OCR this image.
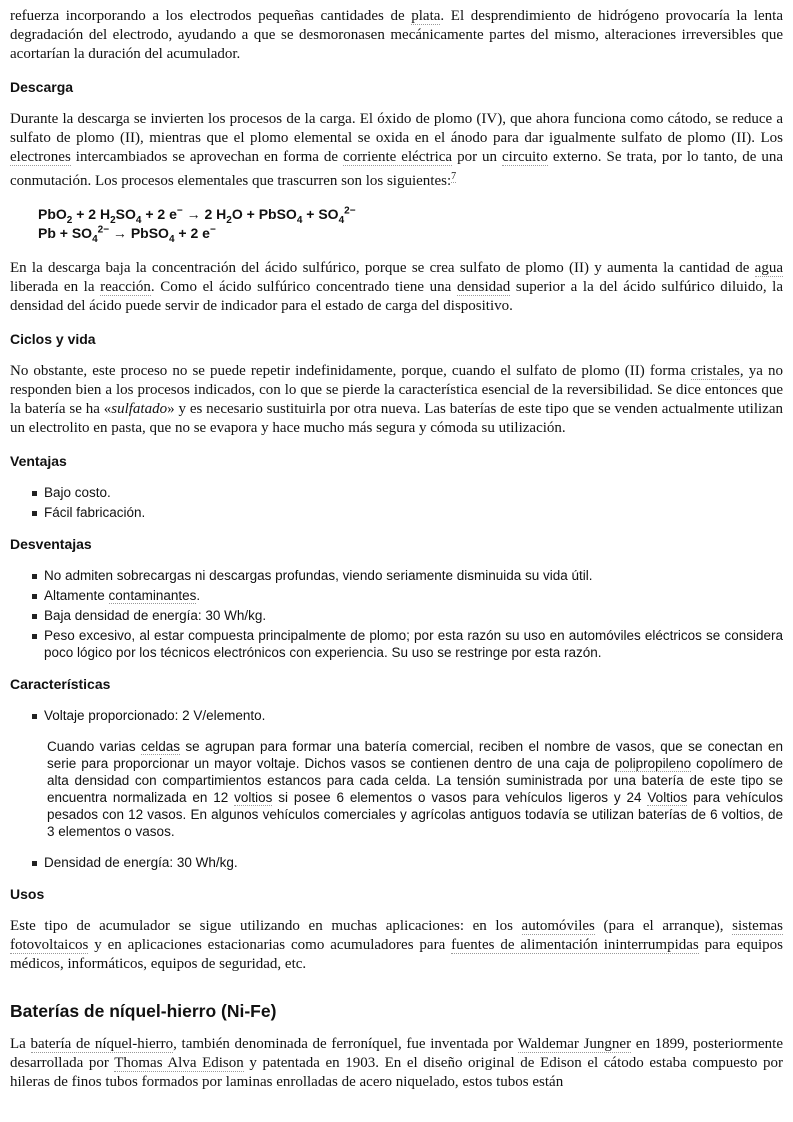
refuerza incorporando a los electrodos pequeñas cantidades de plata. El desprendimiento de hidrógeno provocaría la lenta degradación del electrodo, ayudando a que se desmoronasen mecánicamente partes del mismo, alteraciones irreversibles que acortarían la duración del acumulador.

Descarga

Durante la descarga se invierten los procesos de la carga. El óxido de plomo (IV), que ahora funciona como cátodo, se reduce a sulfato de plomo (II), mientras que el plomo elemental se oxida en el ánodo para dar igualmente sulfato de plomo (II). Los electrones intercambiados se aprovechan en forma de corriente eléctrica por un circuito externo. Se trata, por lo tanto, de una conmutación. Los procesos elementales que trascurren son los siguientes:$^7$

PbO$_2$ + 2 $H_2SO_4 + 2$ e− → 2 $H_2O$ + PbSO$_4$ + $SO_4^{2-}$
$Pb + SO_4^{2-}$ → PbSO$_4$ + 2 e−

En la descarga baja la concentración del ácido sulfúrico, porque se crea sulfato de plomo (II) y aumenta la cantidad de agua liberada en la reacción. Como el ácido sulfúrico concentrado tiene una densidad superior a la del ácido sulfúrico diluido, la densidad del ácido puede servir de indicador para el estado de carga del dispositivo.

Ciclos y vida

No obstante, este proceso no se puede repetir indefinidamente, porque, cuando el sulfato de plomo (II) forma cristales, ya no responden bien a los procesos indicados, con lo que se pierde la característica esencial de la reversibilidad. Se dice entonces que la batería se ha «sulfatado» y es necesario sustituirla por otra nueva. Las baterías de este tipo que se venden actualmente utilizan un electrolito en pasta, que no se evapora y hace mucho más segura y cómoda su utilización.

Ventajas
Bajo costo.
Fácil fabricación.
Desventajas
No admiten sobrecargas ni descargas profundas, viendo seriamente disminuida su vida útil.
Altamente contaminantes.
Baja densidad de energía: 30 Wh/kg.
Peso excesivo, al estar compuesta principalmente de plomo; por esta razón su uso en automóviles eléctricos se considera poco lógico por los técnicos electrónicos con experiencia. Su uso se restringe por esta razón.
Características
Voltaje proporcionado: 2 V/elemento.

Cuando varias celdas se agrupan para formar una batería comercial, reciben el nombre de vasos, que se conectan en serie para proporcionar un mayor voltaje. Dichos vasos se contienen dentro de una caja de polipropileno copolímero de alta densidad con compartimientos estancos para cada celda. La tensión suministrada por una batería de este tipo se encuentra normalizada en 12 voltios si posee 6 elementos o vasos para vehículos ligeros y 24 Voltios para vehículos pesados con 12 vasos. En algunos vehículos comerciales y agrícolas antiguos todavía se utilizan baterías de 6 voltios, de 3 elementos o vasos.

Densidad de energía: 30 Wh/kg.
Usos

Este tipo de acumulador se sigue utilizando en muchas aplicaciones: en los automóviles (para el arranque), sistemas fotovoltaicos y en aplicaciones estacionarias como acumuladores para fuentes de alimentación ininterrumpidas para equipos médicos, informáticos, equipos de seguridad, etc.

Baterías de níquel-hierro (Ni-Fe)

La batería de níquel-hierro, también denominada de ferroníquel, fue inventada por Waldemar Jungner en 1899, posteriormente desarrollada por Thomas Alva Edison y patentada en 1903. En el diseño original de Edison el cátodo estaba compuesto por hileras de finos tubos formados por laminas enrolladas de acero niquelado, estos tubos están
